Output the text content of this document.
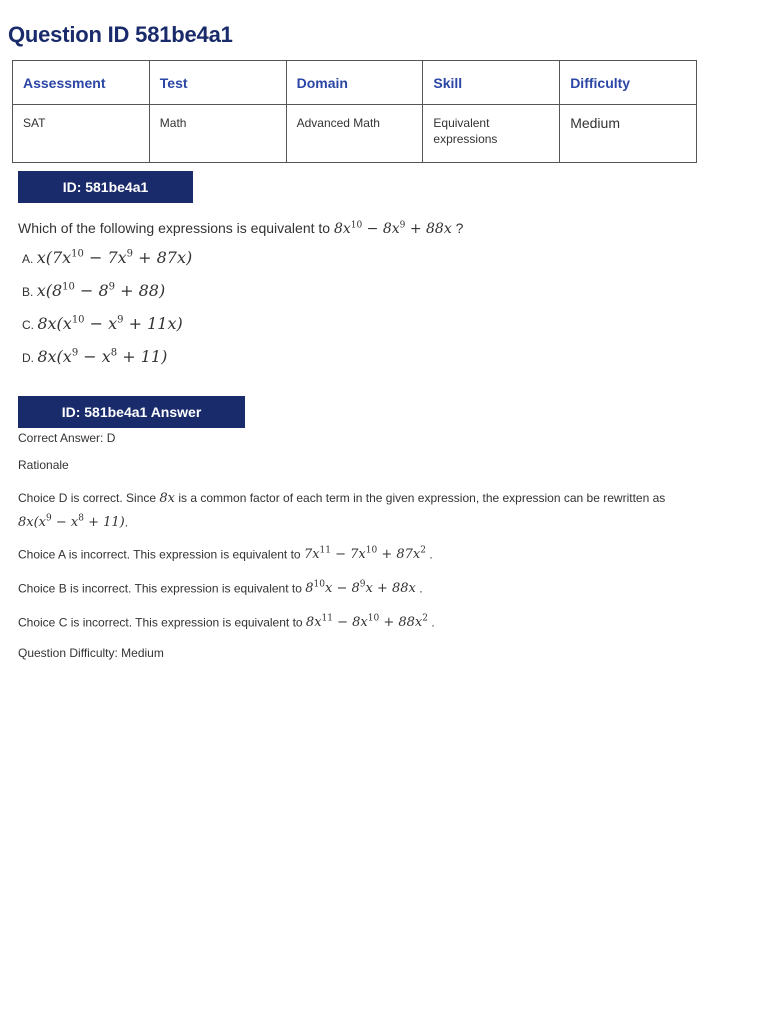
Question ID 581be4a1
Assessment	Test	Domain	Skill	Difficulty
SAT	Math	Advanced Math	Equivalent expressions	Medium
ID: 581be4a1
Which of the following expressions is equivalent to $8x^{10} - 8x^9 + 88x$ ?
A. $x(7x^{10} - 7x^9 + 87x)$
B. $x(8^{10} - 8^9 + 88)$
C. $8x(x^{10} - x^9 + 11x)$
D. $8x(x^9 - x^8 + 11)$
ID: 581be4a1 Answer
Correct Answer: D
Rationale
Choice D is correct. Since 8x is a common factor of each term in the given expression, the expression can be rewritten as
$8x(x^9 - x^8 + 11)$.
Choice A is incorrect. This expression is equivalent to $7x^{11} - 7x^{10} + 87x^2$ .
Choice B is incorrect. This expression is equivalent to $8^{10}x - 8^9x + 88x$ .
Choice C is incorrect. This expression is equivalent to $8x^{11} - 8x^{10} + 88x^2$ .
Question Difficulty: Medium
